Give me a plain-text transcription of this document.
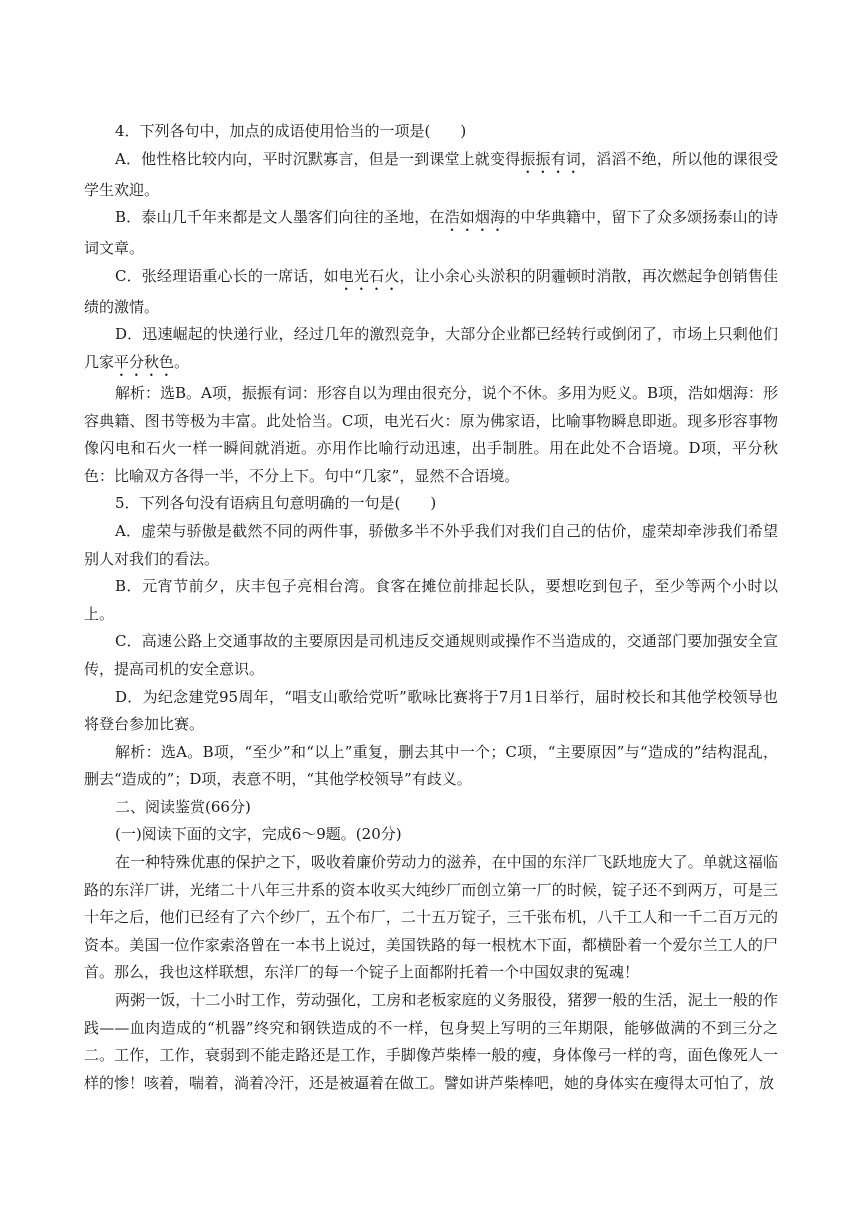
4．下列各句中，加点的成语使用恰当的一项是(　　)

A．他性格比较内向，平时沉默寡言，但是一到课堂上就变得振振有词，滔滔不绝，所以他的课很受学生欢迎。

B．泰山几千年来都是文人墨客们向往的圣地，在浩如烟海的中华典籍中，留下了众多颂扬泰山的诗词文章。

C．张经理语重心长的一席话，如电光石火，让小余心头淤积的阴霾顿时消散，再次燃起争创销售佳绩的激情。

D．迅速崛起的快递行业，经过几年的激烈竞争，大部分企业都已经转行或倒闭了，市场上只剩他们几家平分秋色。

解析：选B。A项，振振有词：形容自以为理由很充分，说个不休。多用为贬义。B项，浩如烟海：形容典籍、图书等极为丰富。此处恰当。C项，电光石火：原为佛家语，比喻事物瞬息即逝。现多形容事物像闪电和石火一样一瞬间就消逝。亦用作比喻行动迅速，出手制胜。用在此处不合语境。D项，平分秋色：比喻双方各得一半，不分上下。句中“几家”，显然不合语境。

5．下列各句没有语病且句意明确的一句是(　　)

A．虚荣与骄傲是截然不同的两件事，骄傲多半不外乎我们对我们自己的估价，虚荣却牵涉我们希望别人对我们的看法。

B．元宵节前夕，庆丰包子亮相台湾。食客在摊位前排起长队，要想吃到包子，至少等两个小时以上。

C．高速公路上交通事故的主要原因是司机违反交通规则或操作不当造成的，交通部门要加强安全宣传，提高司机的安全意识。

D．为纪念建党95周年，“唱支山歌给党听”歌咏比赛将于7月1日举行，届时校长和其他学校领导也将登台参加比赛。

解析：选A。B项，“至少”和“以上”重复，删去其中一个；C项，“主要原因”与“造成的”结构混乱，删去“造成的”；D项，表意不明，“其他学校领导”有歧义。

二、阅读鉴赏(66分)

(一)阅读下面的文字，完成6～9题。(20分)

在一种特殊优惠的保护之下，吸收着廉价劳动力的滋养，在中国的东洋厂飞跃地庞大了。单就这福临路的东洋厂讲，光绪二十八年三井系的资本收买大纯纱厂而创立第一厂的时候，锭子还不到两万，可是三十年之后，他们已经有了六个纱厂，五个布厂，二十五万锭子，三千张布机，八千工人和一千二百万元的资本。美国一位作家索洛曾在一本书上说过，美国铁路的每一根枕木下面，都横卧着一个爱尔兰工人的尸首。那么，我也这样联想，东洋厂的每一个锭子上面都附托着一个中国奴隶的冤魂！

两粥一饭，十二小时工作，劳动强化，工房和老板家庭的义务服役，猪猡一般的生活，泥土一般的作践——血肉造成的“机器”终究和钢铁造成的不一样，包身契上写明的三年期限，能够做满的不到三分之二。工作，工作，衰弱到不能走路还是工作，手脚像芦柴棒一般的瘦，身体像弓一样的弯，面色像死人一样的惨！咳着，喘着，淌着冷汗，还是被逼着在做工。譬如讲芦柴棒吧，她的身体实在瘦得太可怕了，放
